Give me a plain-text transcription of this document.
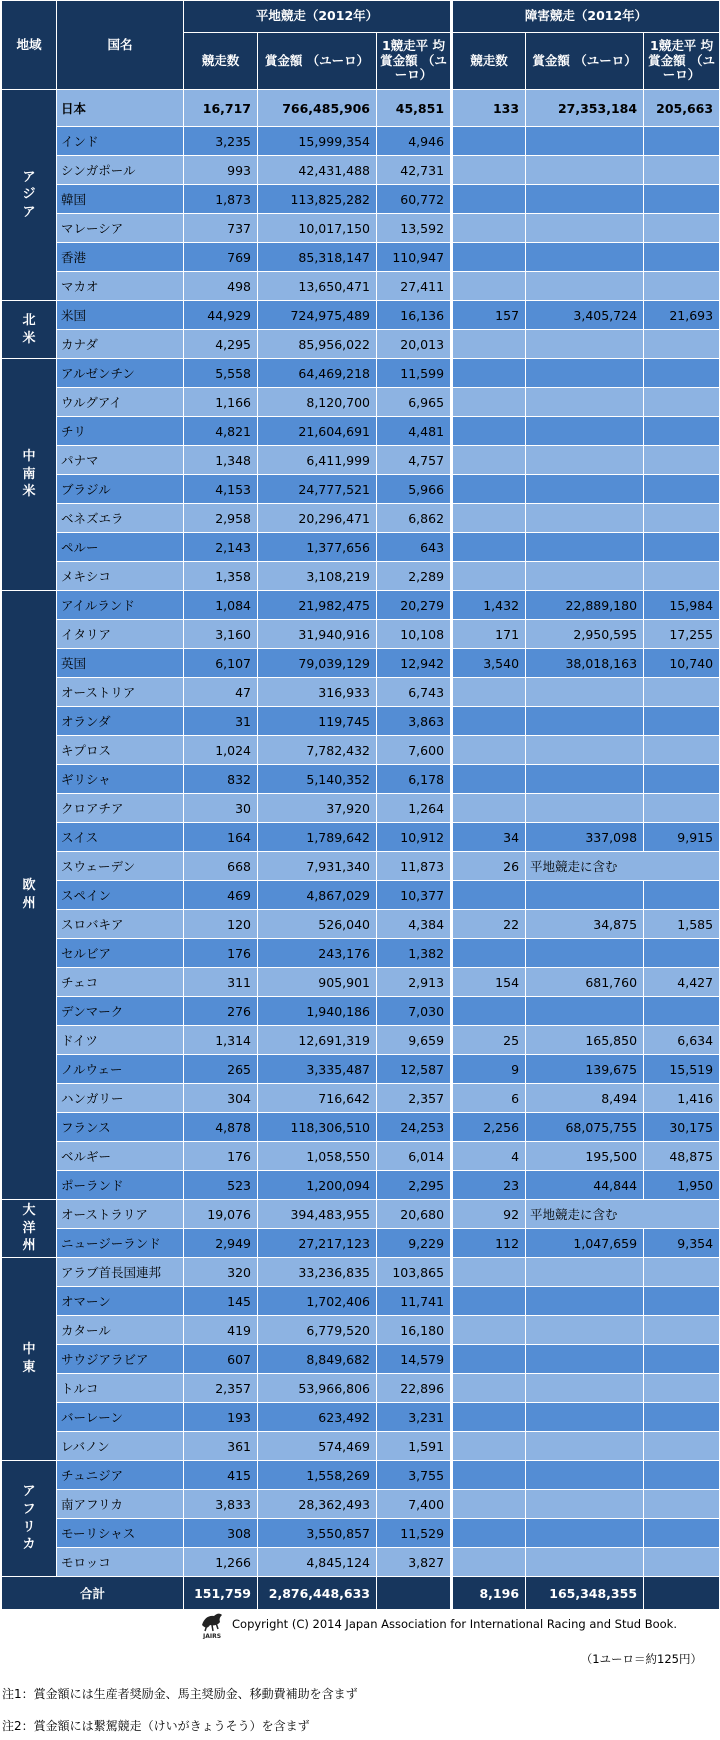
地域	国名	平地競走（2012年）			障害競走（2012年）		
		競走数	賞金額 （ユーロ）	1競走平 均賞金額 （ユーロ）	競走数	賞金額 （ユーロ）	1競走平 均賞金額 （ユーロ）
アジア	日本	16,717	766,485,906	45,851	133	27,353,184	205,663
	インド	3,235	15,999,354	4,946			
	シンガポール	993	42,431,488	42,731			
	韓国	1,873	113,825,282	60,772			
	マレーシア	737	10,017,150	13,592			
	香港	769	85,318,147	110,947			
	マカオ	498	13,650,471	27,411			
北米	米国	44,929	724,975,489	16,136	157	3,405,724	21,693
	カナダ	4,295	85,956,022	20,013			
中南米	アルゼンチン	5,558	64,469,218	11,599			
	ウルグアイ	1,166	8,120,700	6,965			
	チリ	4,821	21,604,691	4,481			
	パナマ	1,348	6,411,999	4,757			
	ブラジル	4,153	24,777,521	5,966			
	ベネズエラ	2,958	20,296,471	6,862			
	ペルー	2,143	1,377,656	643			
	メキシコ	1,358	3,108,219	2,289			
欧州	アイルランド	1,084	21,982,475	20,279	1,432	22,889,180	15,984
	イタリア	3,160	31,940,916	10,108	171	2,950,595	17,255
	英国	6,107	79,039,129	12,942	3,540	38,018,163	10,740
	オーストリア	47	316,933	6,743			
	オランダ	31	119,745	3,863			
	キプロス	1,024	7,782,432	7,600			
	ギリシャ	832	5,140,352	6,178			
	クロアチア	30	37,920	1,264			
	スイス	164	1,789,642	10,912	34	337,098	9,915
	スウェーデン	668	7,931,340	11,873	26	平地競走に含む	
	スペイン	469	4,867,029	10,377			
	スロバキア	120	526,040	4,384	22	34,875	1,585
	セルビア	176	243,176	1,382			
	チェコ	311	905,901	2,913	154	681,760	4,427
	デンマーク	276	1,940,186	7,030			
	ドイツ	1,314	12,691,319	9,659	25	165,850	6,634
	ノルウェー	265	3,335,487	12,587	9	139,675	15,519
	ハンガリー	304	716,642	2,357	6	8,494	1,416
	フランス	4,878	118,306,510	24,253	2,256	68,075,755	30,175
	ベルギー	176	1,058,550	6,014	4	195,500	48,875
	ポーランド	523	1,200,094	2,295	23	44,844	1,950
大洋州	オーストラリア	19,076	394,483,955	20,680	92	平地競走に含む	
	ニュージーランド	2,949	27,217,123	9,229	112	1,047,659	9,354
中東	アラブ首長国連邦	320	33,236,835	103,865			
	オマーン	145	1,702,406	11,741			
	カタール	419	6,779,520	16,180			
	サウジアラビア	607	8,849,682	14,579			
	トルコ	2,357	53,966,806	22,896			
	バーレーン	193	623,492	3,231			
	レバノン	361	574,469	1,591			
アフリカ	チュニジア	415	1,558,269	3,755			
	南アフリカ	3,833	28,362,493	7,400			
	モーリシャス	308	3,550,857	11,529			
	モロッコ	1,266	4,845,124	3,827			
合計		151,759	2,876,448,633		8,196	165,348,355	
JAIRS
Copyright (C) 2014 Japan Association for International Racing and Stud Book.
（1ユーロ＝約125円）
注1：賞金額には生産者奨励金、馬主奨励金、移動費補助を含まず
注2：賞金額には繋駕競走（けいがきょうそう）を含まず
